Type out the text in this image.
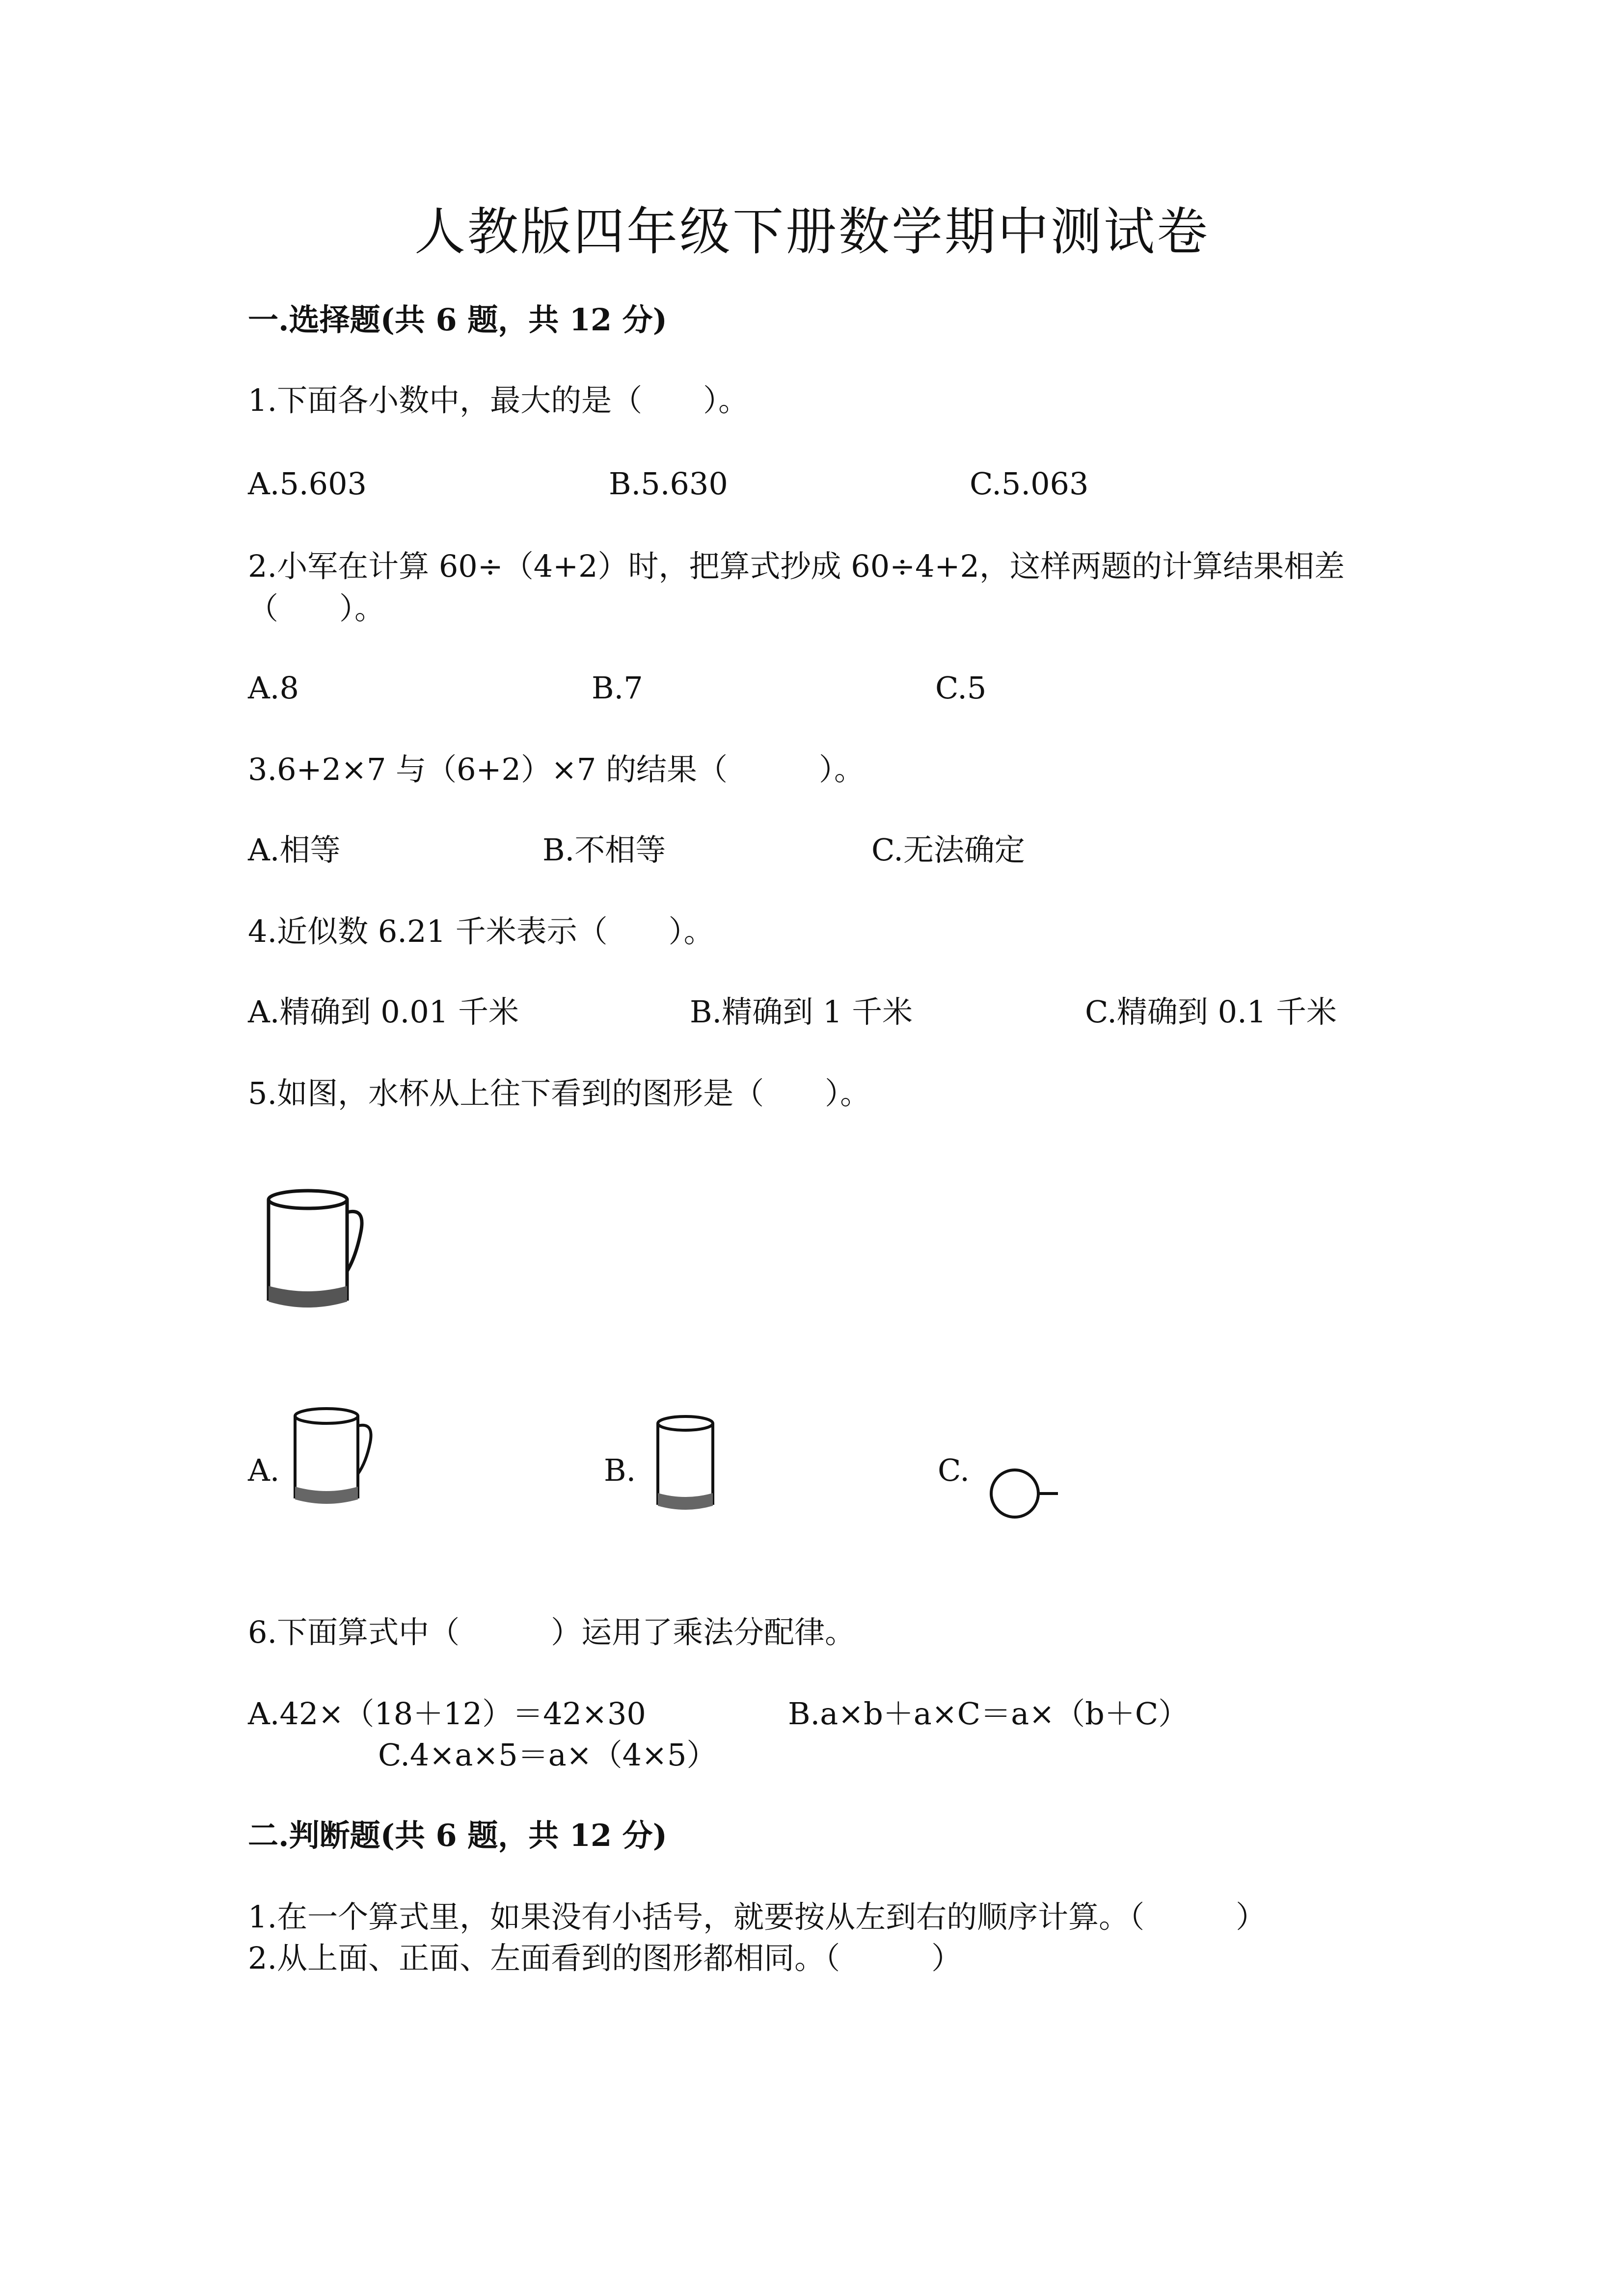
人教版四年级下册数学期中测试卷
一.选择题(共 6 题，共 12 分)
1.下面各小数中，最大的是（　　）。
A.5.603	B.5.630	C.5.063
2.小军在计算 60÷（4+2）时，把算式抄成 60÷4+2，这样两题的计算结果相差
（　　）。
A.8	B.7	C.5
3.6+2×7 与（6+2）×7 的结果（　　　）。
A.相等	B.不相等	C.无法确定
4.近似数 6.21 千米表示（　　）。
A.精确到 0.01 千米	B.精确到 1 千米	C.精确到 0.1 千米
5.如图，水杯从上往下看到的图形是（　　）。
A.	B.	C.
6.下面算式中（　　　）运用了乘法分配律。
A.42×（18＋12）＝42×30	B.a×b＋a×C＝a×（b＋C）
C.4×a×5＝a×（4×5）
二.判断题(共 6 题，共 12 分)
1.在一个算式里，如果没有小括号，就要按从左到右的顺序计算。（　　　）
2.从上面、正面、左面看到的图形都相同。（　　　）
